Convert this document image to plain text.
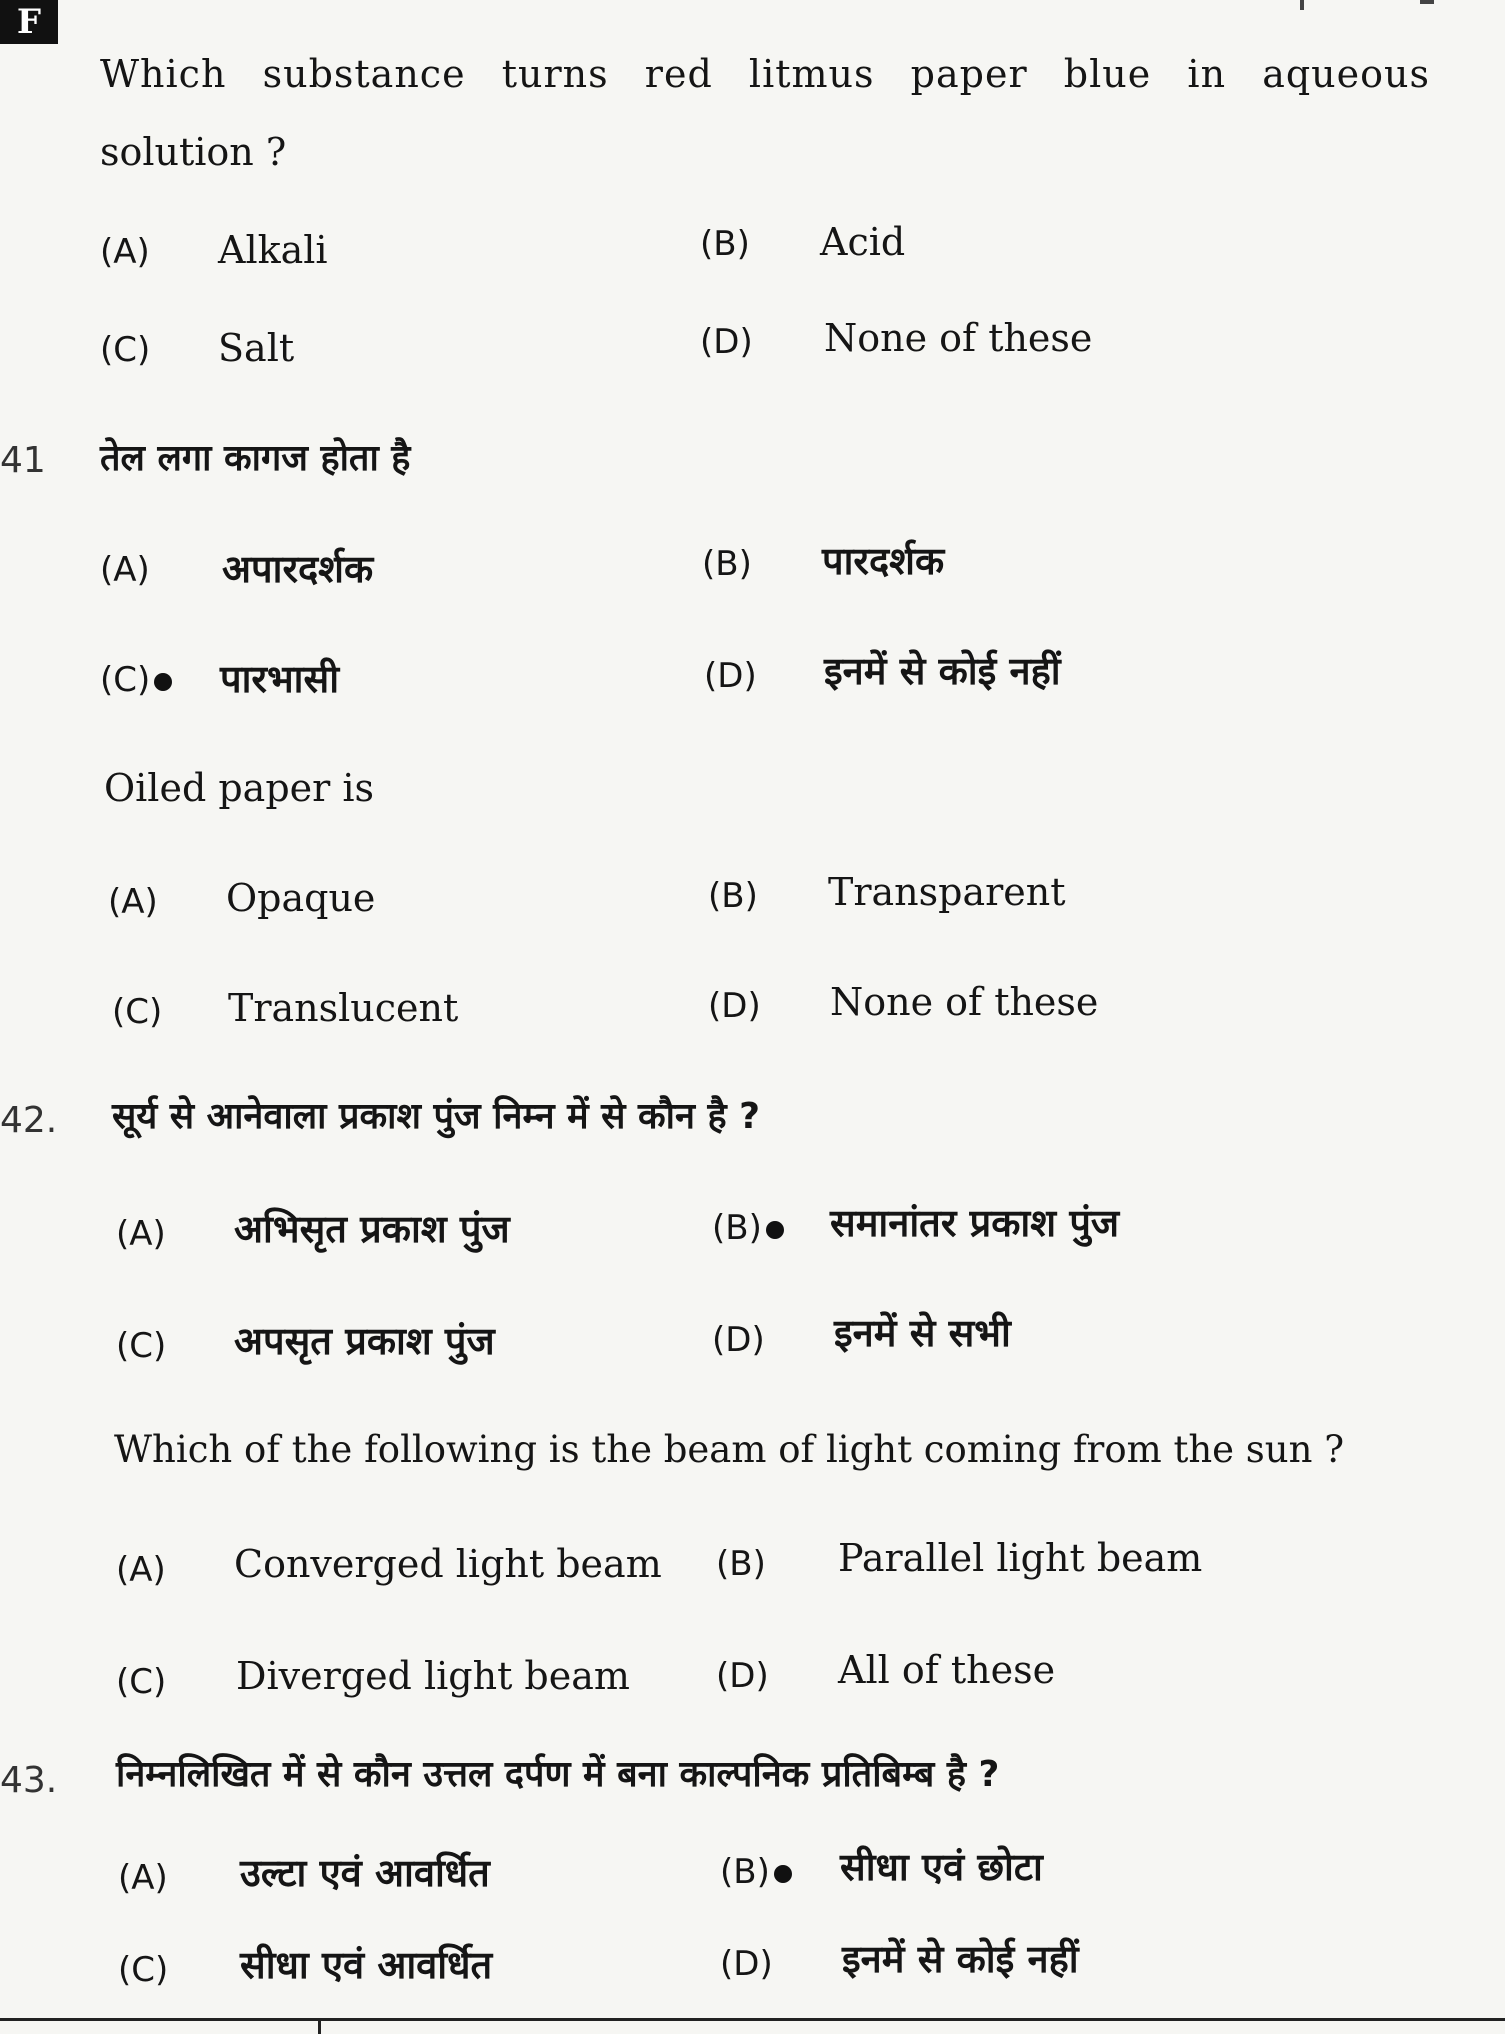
F
Which substance turns red litmus paper blue in aqueous
solution ?
(A) Alkali	(B) Acid
(C) Salt	(D) None of these
41 तेल लगा कागज होता है
(A) अपारदर्शक	(B) पारदर्शक
(C)	पारभासी	(D) इनमें से कोई नहीं
Oiled paper is
(A) Opaque	(B) Transparent
(C) Translucent	(D) None of these
42. सूर्य से आनेवाला प्रकाश पुंज निम्न में से कौन है ?
(A) अभिसृत प्रकाश पुंज	(B)	समानांतर प्रकाश पुंज
(C) अपसृत प्रकाश पुंज	(D) इनमें से सभी
Which of the following is the beam of light coming from the sun ?
(A) Converged light beam (B) Parallel light beam
(C) Diverged light beam	(D) All of these
43. निम्नलिखित में से कौन उत्तल दर्पण में बना काल्पनिक प्रतिबिम्ब है ?
(A) उल्टा एवं आवर्धित	(B)	सीधा एवं छोटा
(C) सीधा एवं आवर्धित	(D) इनमें से कोई नहीं
